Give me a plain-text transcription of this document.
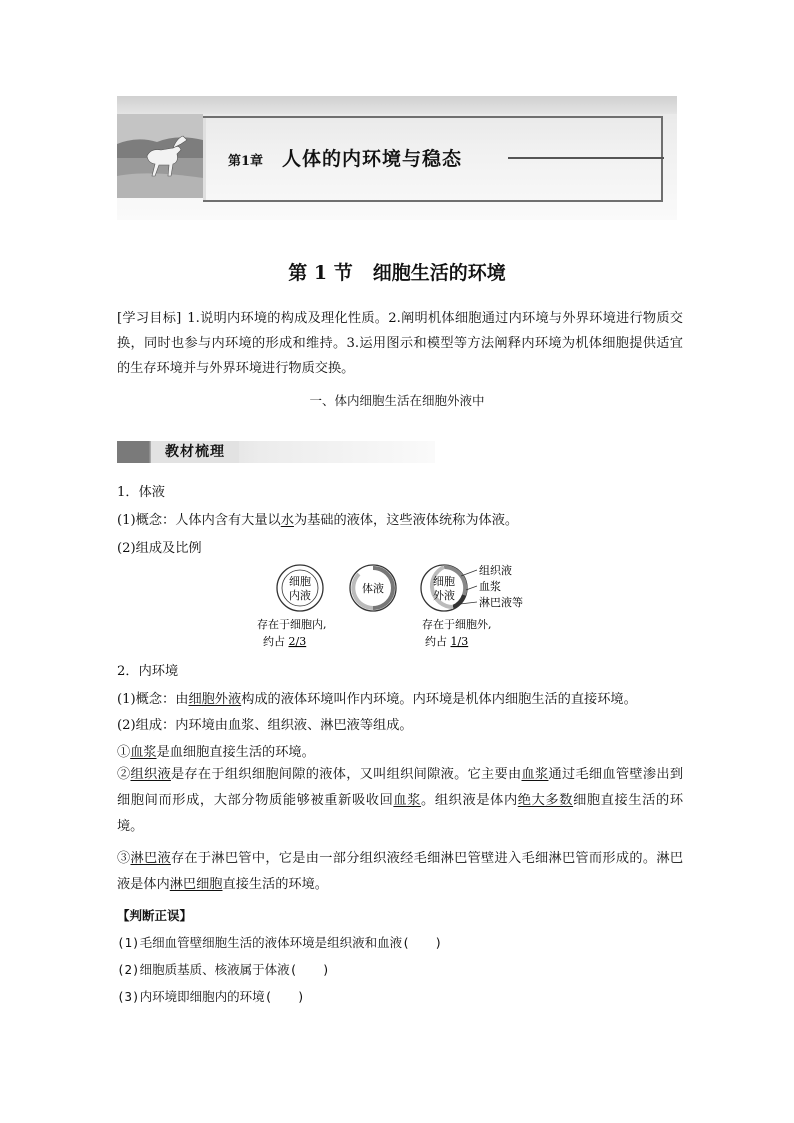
第1章 人体的内环境与稳态
第 1 节 细胞生活的环境
[学习目标] 1.说明内环境的构成及理化性质。2.阐明机体细胞通过内环境与外界环境进行物质交换，同时也参与内环境的形成和维持。3.运用图示和模型等方法阐释内环境为机体细胞提供适宜的生存环境并与外界环境进行物质交换。
一、体内细胞生活在细胞外液中
教材梳理
1．体液
(1)概念：人体内含有大量以水为基础的液体，这些液体统称为体液。
(2)组成及比例
细胞
内液
体液
细胞
外液
组织液
血浆
淋巴液等
存在于细胞内,
约占 2/3
存在于细胞外,
约占 1/3
2．内环境
(1)概念：由细胞外液构成的液体环境叫作内环境。内环境是机体内细胞生活的直接环境。
(2)组成：内环境由血浆、组织液、淋巴液等组成。
①血浆是血细胞直接生活的环境。
②组织液是存在于组织细胞间隙的液体，又叫组织间隙液。它主要由血浆通过毛细血管壁渗出到细胞间而形成，大部分物质能够被重新吸收回血浆。组织液是体内绝大多数细胞直接生活的环境。
③淋巴液存在于淋巴管中，它是由一部分组织液经毛细淋巴管壁进入毛细淋巴管而形成的。淋巴液是体内淋巴细胞直接生活的环境。
【判断正误】
(1)毛细血管壁细胞生活的液体环境是组织液和血液(　　)
(2)细胞质基质、核液属于体液(　　)
(3)内环境即细胞内的环境(　　)
